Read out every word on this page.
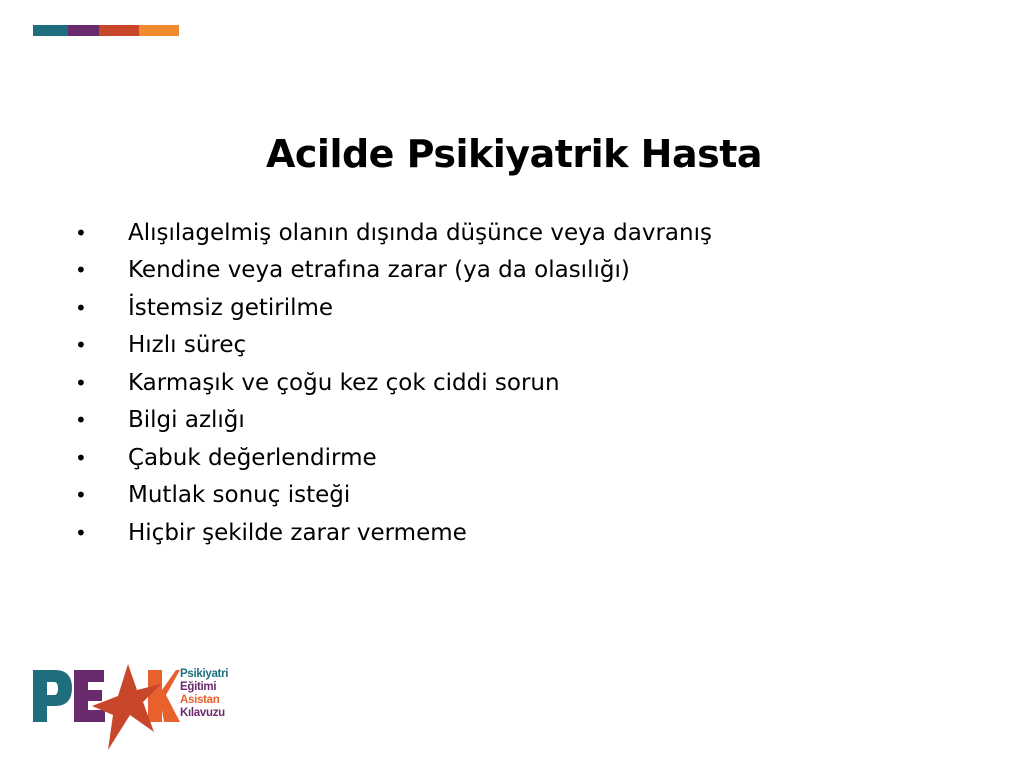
Acilde Psikiyatrik Hasta
•	Alışılagelmiş olanın dışında düşünce veya davranış
•	Kendine veya etrafına zarar (ya da olasılığı)
•	İstemsiz getirilme
•	Hızlı süreç
•	Karmaşık ve çoğu kez çok ciddi sorun
•	Bilgi azlığı
•	Çabuk değerlendirme
•	Mutlak sonuç isteği
•	Hiçbir şekilde zarar vermeme
Psikiyatri
Eğitimi
Asistan
Kılavuzu
